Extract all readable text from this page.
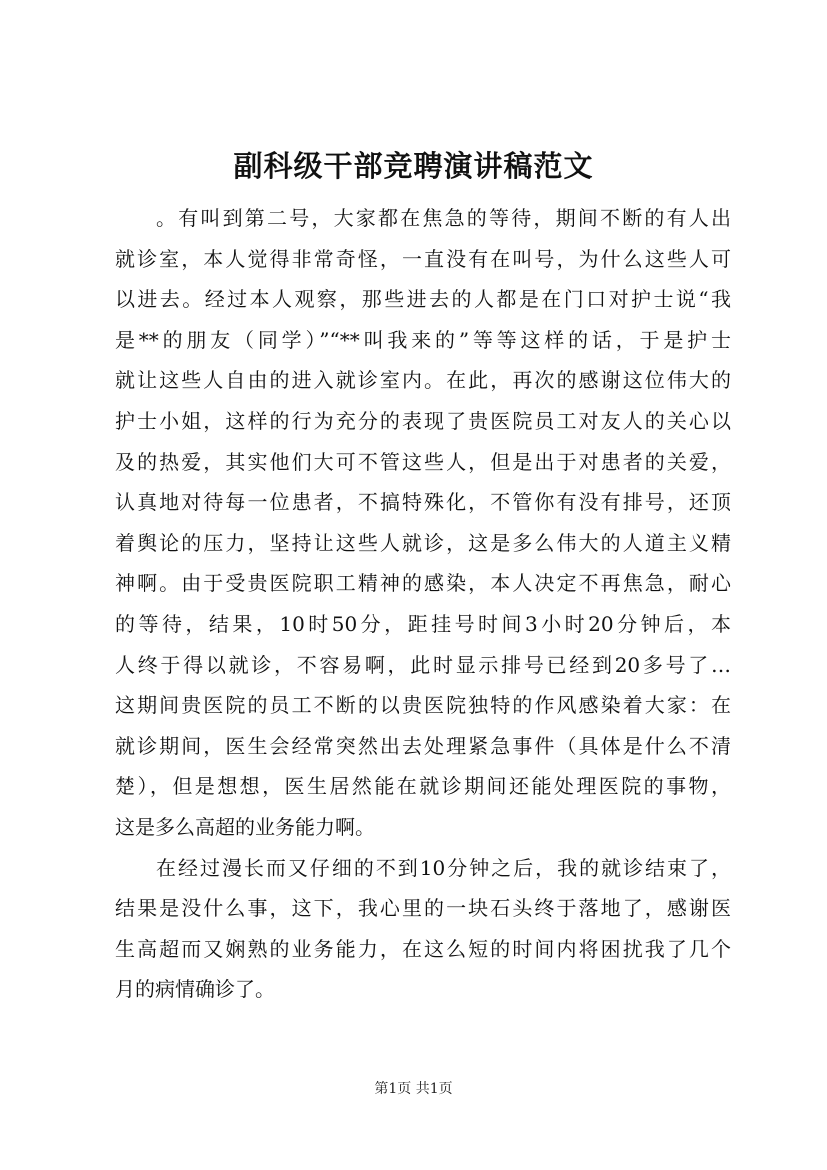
副科级干部竞聘演讲稿范文
。有叫到第二号，大家都在焦急的等待，期间不断的有人出
就诊室，本人觉得非常奇怪，一直没有在叫号，为什么这些人可
以进去。经过本人观察，那些进去的人都是在门口对护士说“我
是**的朋友（同学）”“**叫我来的”等等这样的话，于是护士
就让这些人自由的进入就诊室内。在此，再次的感谢这位伟大的
护士小姐，这样的行为充分的表现了贵医院员工对友人的关心以
及的热爱，其实他们大可不管这些人，但是出于对患者的关爱，
认真地对待每一位患者，不搞特殊化，不管你有没有排号，还顶
着舆论的压力，坚持让这些人就诊，这是多么伟大的人道主义精
神啊。由于受贵医院职工精神的感染，本人决定不再焦急，耐心
的等待，结果，10时50分，距挂号时间3小时20分钟后，本
人终于得以就诊，不容易啊，此时显示排号已经到20多号了…
这期间贵医院的员工不断的以贵医院独特的作风感染着大家：在
就诊期间，医生会经常突然出去处理紧急事件（具体是什么不清
楚），但是想想，医生居然能在就诊期间还能处理医院的事物，
这是多么高超的业务能力啊。
在经过漫长而又仔细的不到10分钟之后，我的就诊结束了，
结果是没什么事，这下，我心里的一块石头终于落地了，感谢医
生高超而又娴熟的业务能力，在这么短的时间内将困扰我了几个
月的病情确诊了。
第1页 共1页
